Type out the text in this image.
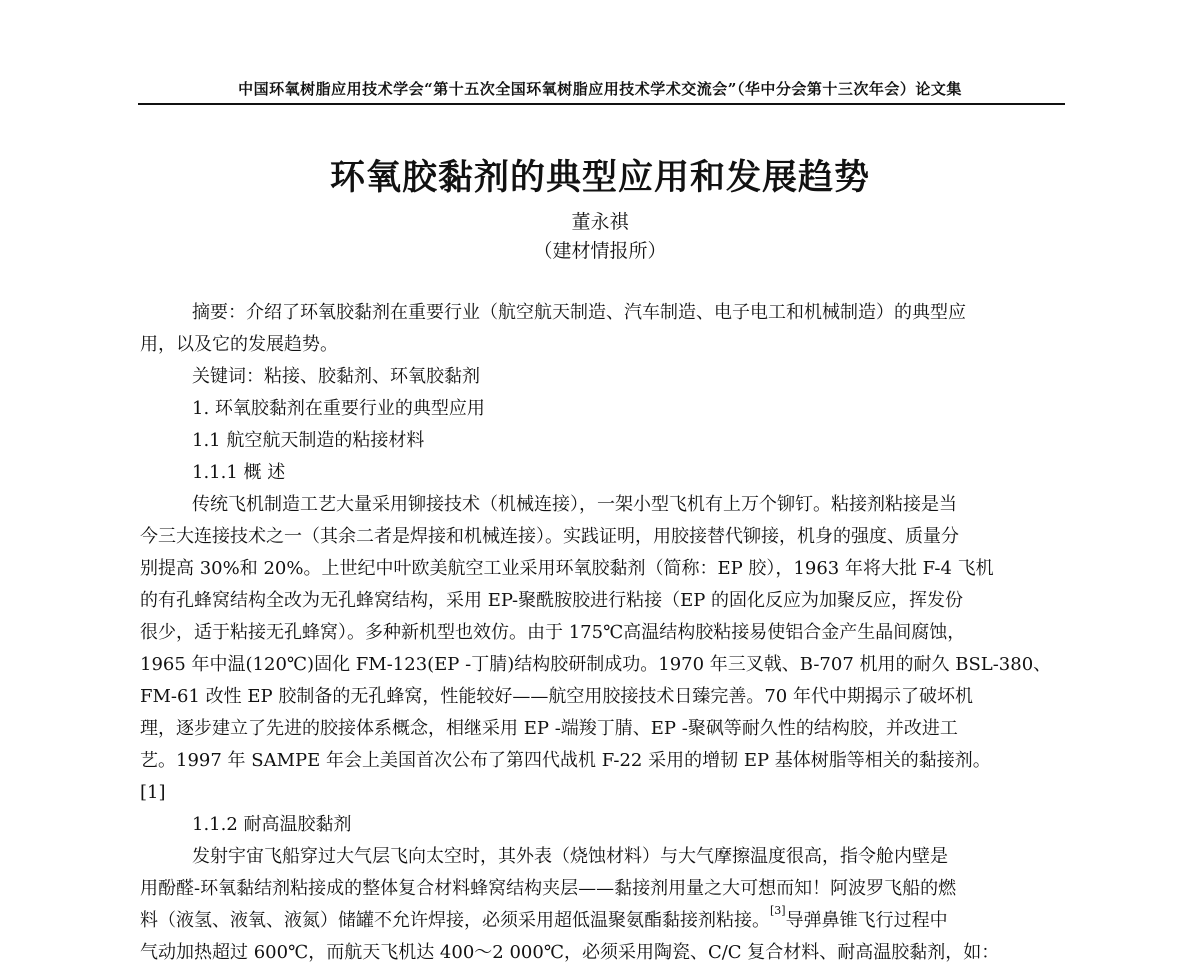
中国环氧树脂应用技术学会“第十五次全国环氧树脂应用技术学术交流会”（华中分会第十三次年会）论文集
环氧胶黏剂的典型应用和发展趋势
董永祺
（建材情报所）
摘要：介绍了环氧胶黏剂在重要行业（航空航天制造、汽车制造、电子电工和机械制造）的典型应
用，以及它的发展趋势。
关键词：粘接、胶黏剂、环氧胶黏剂
1. 环氧胶黏剂在重要行业的典型应用
1.1 航空航天制造的粘接材料
1.1.1 概 述
传统飞机制造工艺大量采用铆接技术（机械连接），一架小型飞机有上万个铆钉。粘接剂粘接是当
今三大连接技术之一（其余二者是焊接和机械连接）。实践证明，用胶接替代铆接，机身的强度、质量分
别提高 30%和 20%。上世纪中叶欧美航空工业采用环氧胶黏剂（简称：EP 胶），1963 年将大批 F-4 飞机
的有孔蜂窝结构全改为无孔蜂窝结构，采用 EP-聚酰胺胶进行粘接（EP 的固化反应为加聚反应，挥发份
很少，适于粘接无孔蜂窝）。多种新机型也效仿。由于 175℃高温结构胶粘接易使铝合金产生晶间腐蚀，
1965 年中温(120℃)固化 FM-123(EP -丁腈)结构胶研制成功。1970 年三叉戟、B-707 机用的耐久 BSL-380、
FM-61 改性 EP 胶制备的无孔蜂窝，性能较好——航空用胶接技术日臻完善。70 年代中期揭示了破坏机
理，逐步建立了先进的胶接体系概念，相继采用 EP -端羧丁腈、EP -聚砜等耐久性的结构胶，并改进工
艺。1997 年 SAMPE 年会上美国首次公布了第四代战机 F-22 采用的增韧 EP 基体树脂等相关的黏接剂。
[1]
1.1.2 耐高温胶黏剂
发射宇宙飞船穿过大气层飞向太空时，其外表（烧蚀材料）与大气摩擦温度很高，指令舱内壁是
用酚醛-环氧黏结剂粘接成的整体复合材料蜂窝结构夹层——黏接剂用量之大可想而知！阿波罗飞船的燃
料（液氢、液氧、液氮）储罐不允许焊接，必须采用超低温聚氨酯黏接剂粘接。[3]导弹鼻锥飞行过程中
气动加热超过 600℃，而航天飞机达 400～2 000℃，必须采用陶瓷、C/C 复合材料、耐高温胶黏剂，如：
